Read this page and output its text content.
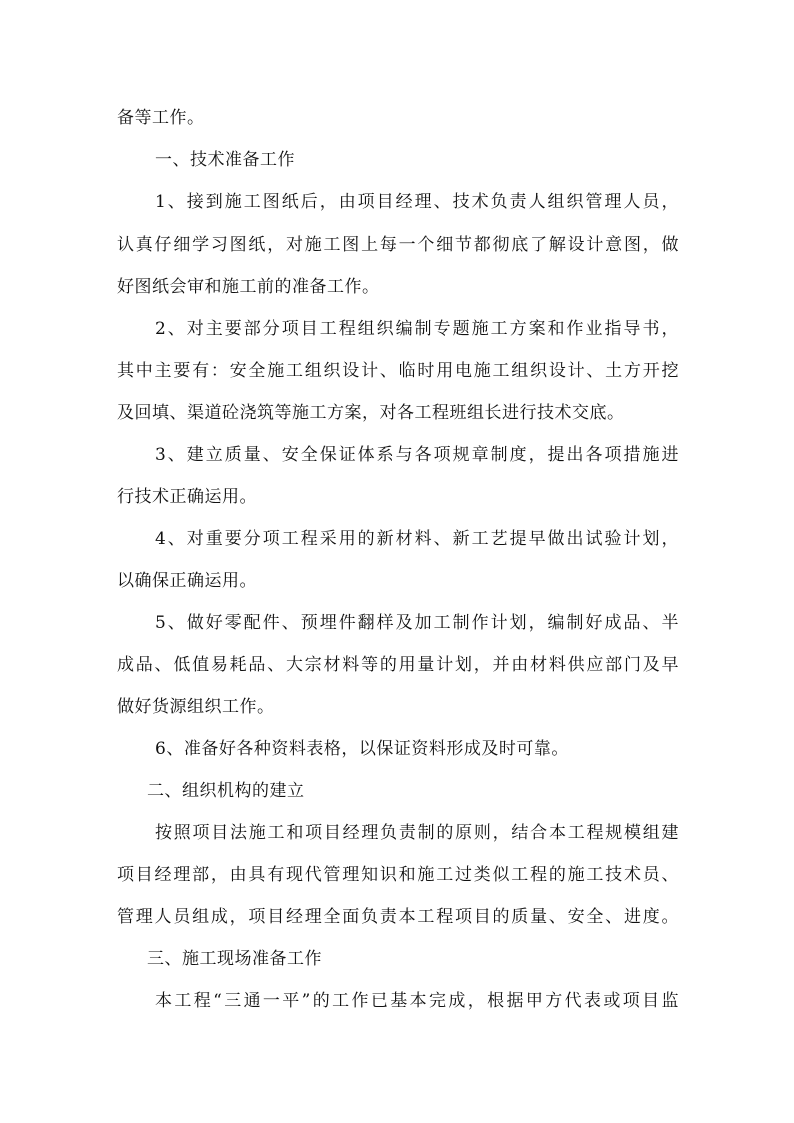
备等工作。
一、技术准备工作
1、接到施工图纸后，由项目经理、技术负责人组织管理人员，
认真仔细学习图纸，对施工图上每一个细节都彻底了解设计意图，做
好图纸会审和施工前的准备工作。
2、对主要部分项目工程组织编制专题施工方案和作业指导书，
其中主要有：安全施工组织设计、临时用电施工组织设计、土方开挖
及回填、渠道砼浇筑等施工方案，对各工程班组长进行技术交底。
3、建立质量、安全保证体系与各项规章制度，提出各项措施进
行技术正确运用。
4、对重要分项工程采用的新材料、新工艺提早做出试验计划，
以确保正确运用。
5、做好零配件、预埋件翻样及加工制作计划，编制好成品、半
成品、低值易耗品、大宗材料等的用量计划，并由材料供应部门及早
做好货源组织工作。
6、准备好各种资料表格，以保证资料形成及时可靠。
二、组织机构的建立
按照项目法施工和项目经理负责制的原则，结合本工程规模组建
项目经理部，由具有现代管理知识和施工过类似工程的施工技术员、
管理人员组成，项目经理全面负责本工程项目的质量、安全、进度。
三、施工现场准备工作
本工程“三通一平”的工作已基本完成，根据甲方代表或项目监
